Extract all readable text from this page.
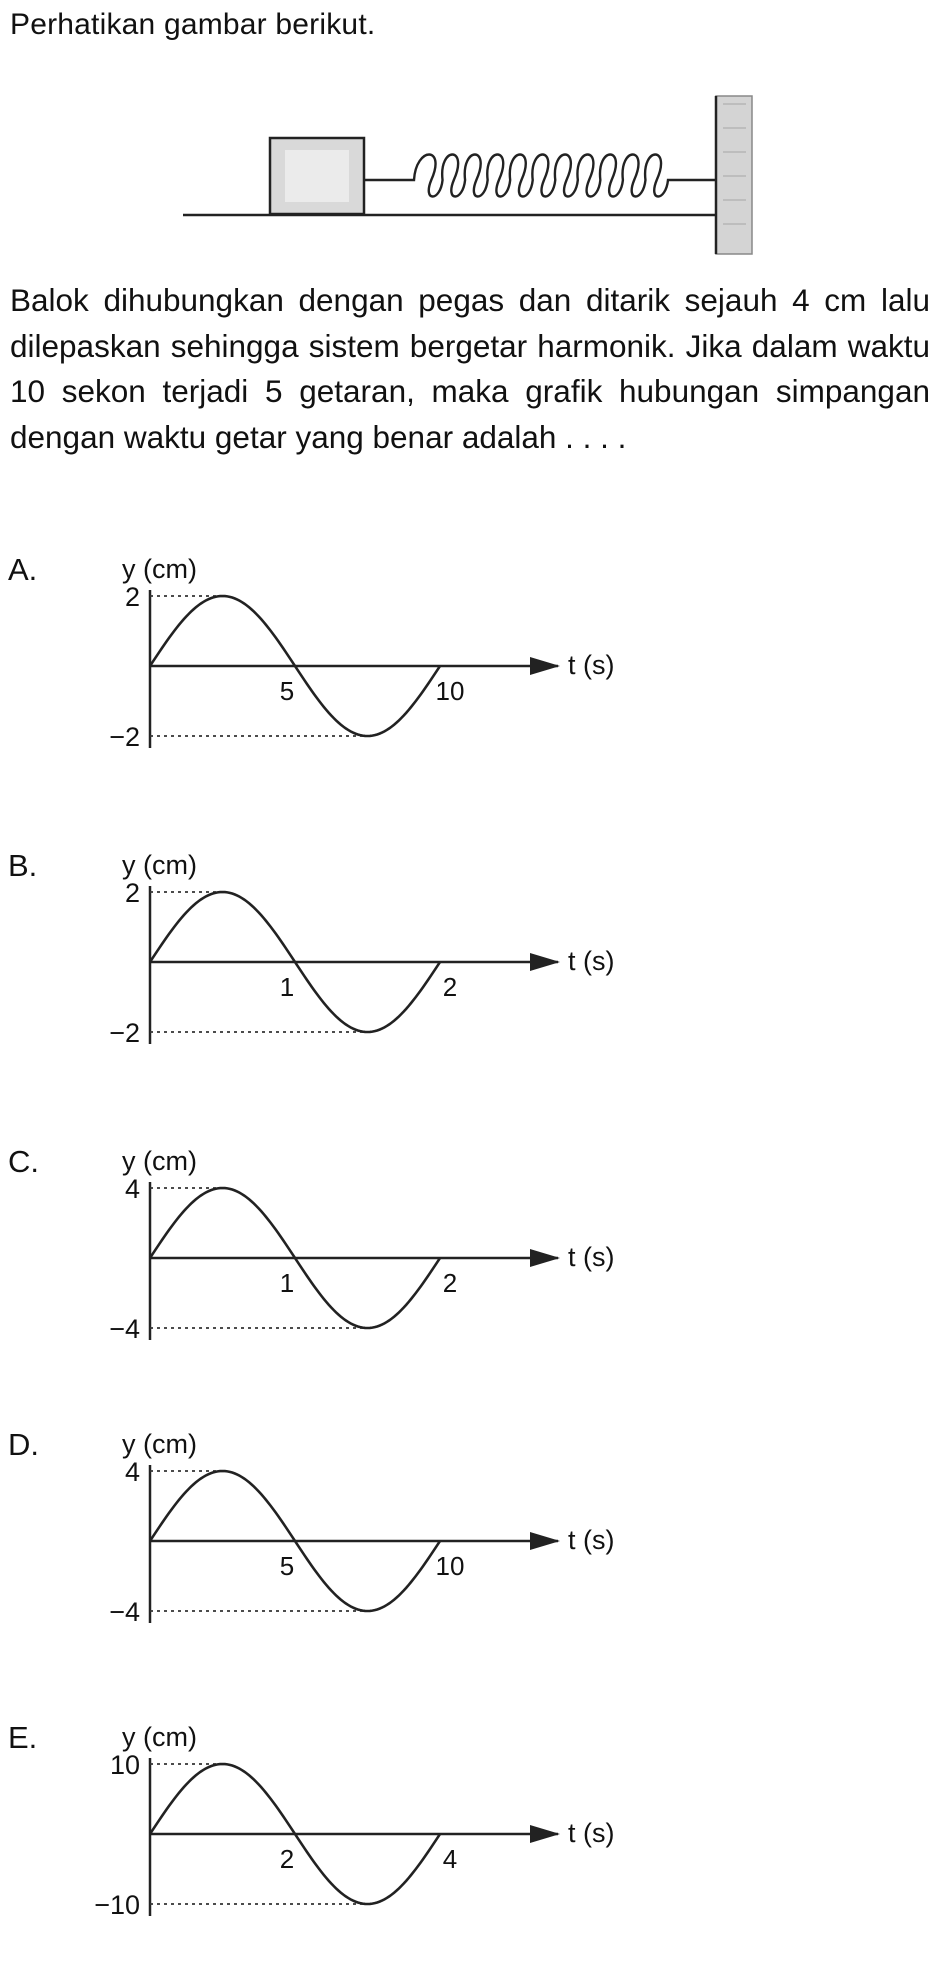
Perhatikan gambar berikut.
Balok dihubungkan dengan pegas dan ditarik sejauh 4 cm lalu dilepaskan sehingga sistem bergetar harmonik. Jika dalam waktu 10 sekon terjadi 5 getaran, maka grafik hubungan simpangan dengan waktu getar yang benar adalah . . . .
A.
B.
C.
D.
E.
y (cm)
2
−2
5	10
t (s)
y (cm)
2
−2
1	2
t (s)
y (cm)
4
−4
1	2
t (s)
y (cm)
4
−4
5	10
t (s)
y (cm)
10
−10
2	4
t (s)
